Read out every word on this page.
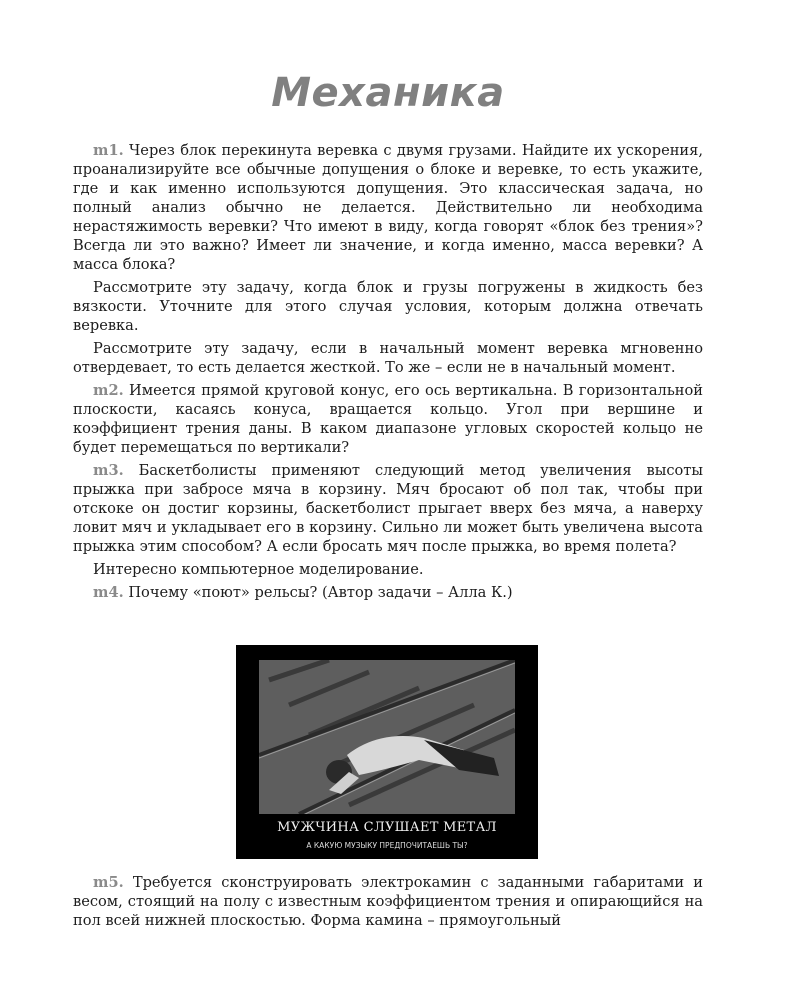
Механика

m1. Через блок перекинута веревка с двумя грузами. Найдите их ускорения, проанализируйте все обычные допущения о блоке и веревке, то есть укажите, где и как именно используются допущения. Это классическая задача, но полный анализ обычно не делается. Действительно ли необходима нерастяжимость веревки? Что имеют в виду, когда говорят «блок без трения»? Всегда ли это важно? Имеет ли значение, и когда именно, масса веревки? А масса блока?

Рассмотрите эту задачу, когда блок и грузы погружены в жидкость без вязкости. Уточните для этого случая условия, которым должна отвечать веревка.

Рассмотрите эту задачу, если в начальный момент веревка мгновенно отвердевает, то есть делается жесткой. То же – если не в начальный момент.

m2. Имеется прямой круговой конус, его ось вертикальна. В горизонтальной плоскости, касаясь конуса, вращается кольцо. Угол при вершине и коэффициент трения даны. В каком диапазоне угловых скоростей кольцо не будет перемещаться по вертикали?

m3. Баскетболисты применяют следующий метод увеличения высоты прыжка при забросе мяча в корзину. Мяч бросают об пол так, чтобы при отскоке он достиг корзины, баскетболист прыгает вверх без мяча, а наверху ловит мяч и укладывает его в корзину. Сильно ли может быть увеличена высота прыжка этим способом? А если бросать мяч после прыжка, во время полета?

Интересно компьютерное моделирование.

m4. Почему «поют» рельсы? (Автор задачи – Алла К.)

МУЖЧИНА СЛУШАЕТ МЕТАЛ
А КАКУЮ МУЗЫКУ ПРЕДПОЧИТАЕШЬ ТЫ?

m5. Требуется сконструировать электрокамин с заданными габаритами и весом, стоящий на полу с известным коэффициентом трения и опирающийся на пол всей нижней плоскостью. Форма камина – прямоугольный
